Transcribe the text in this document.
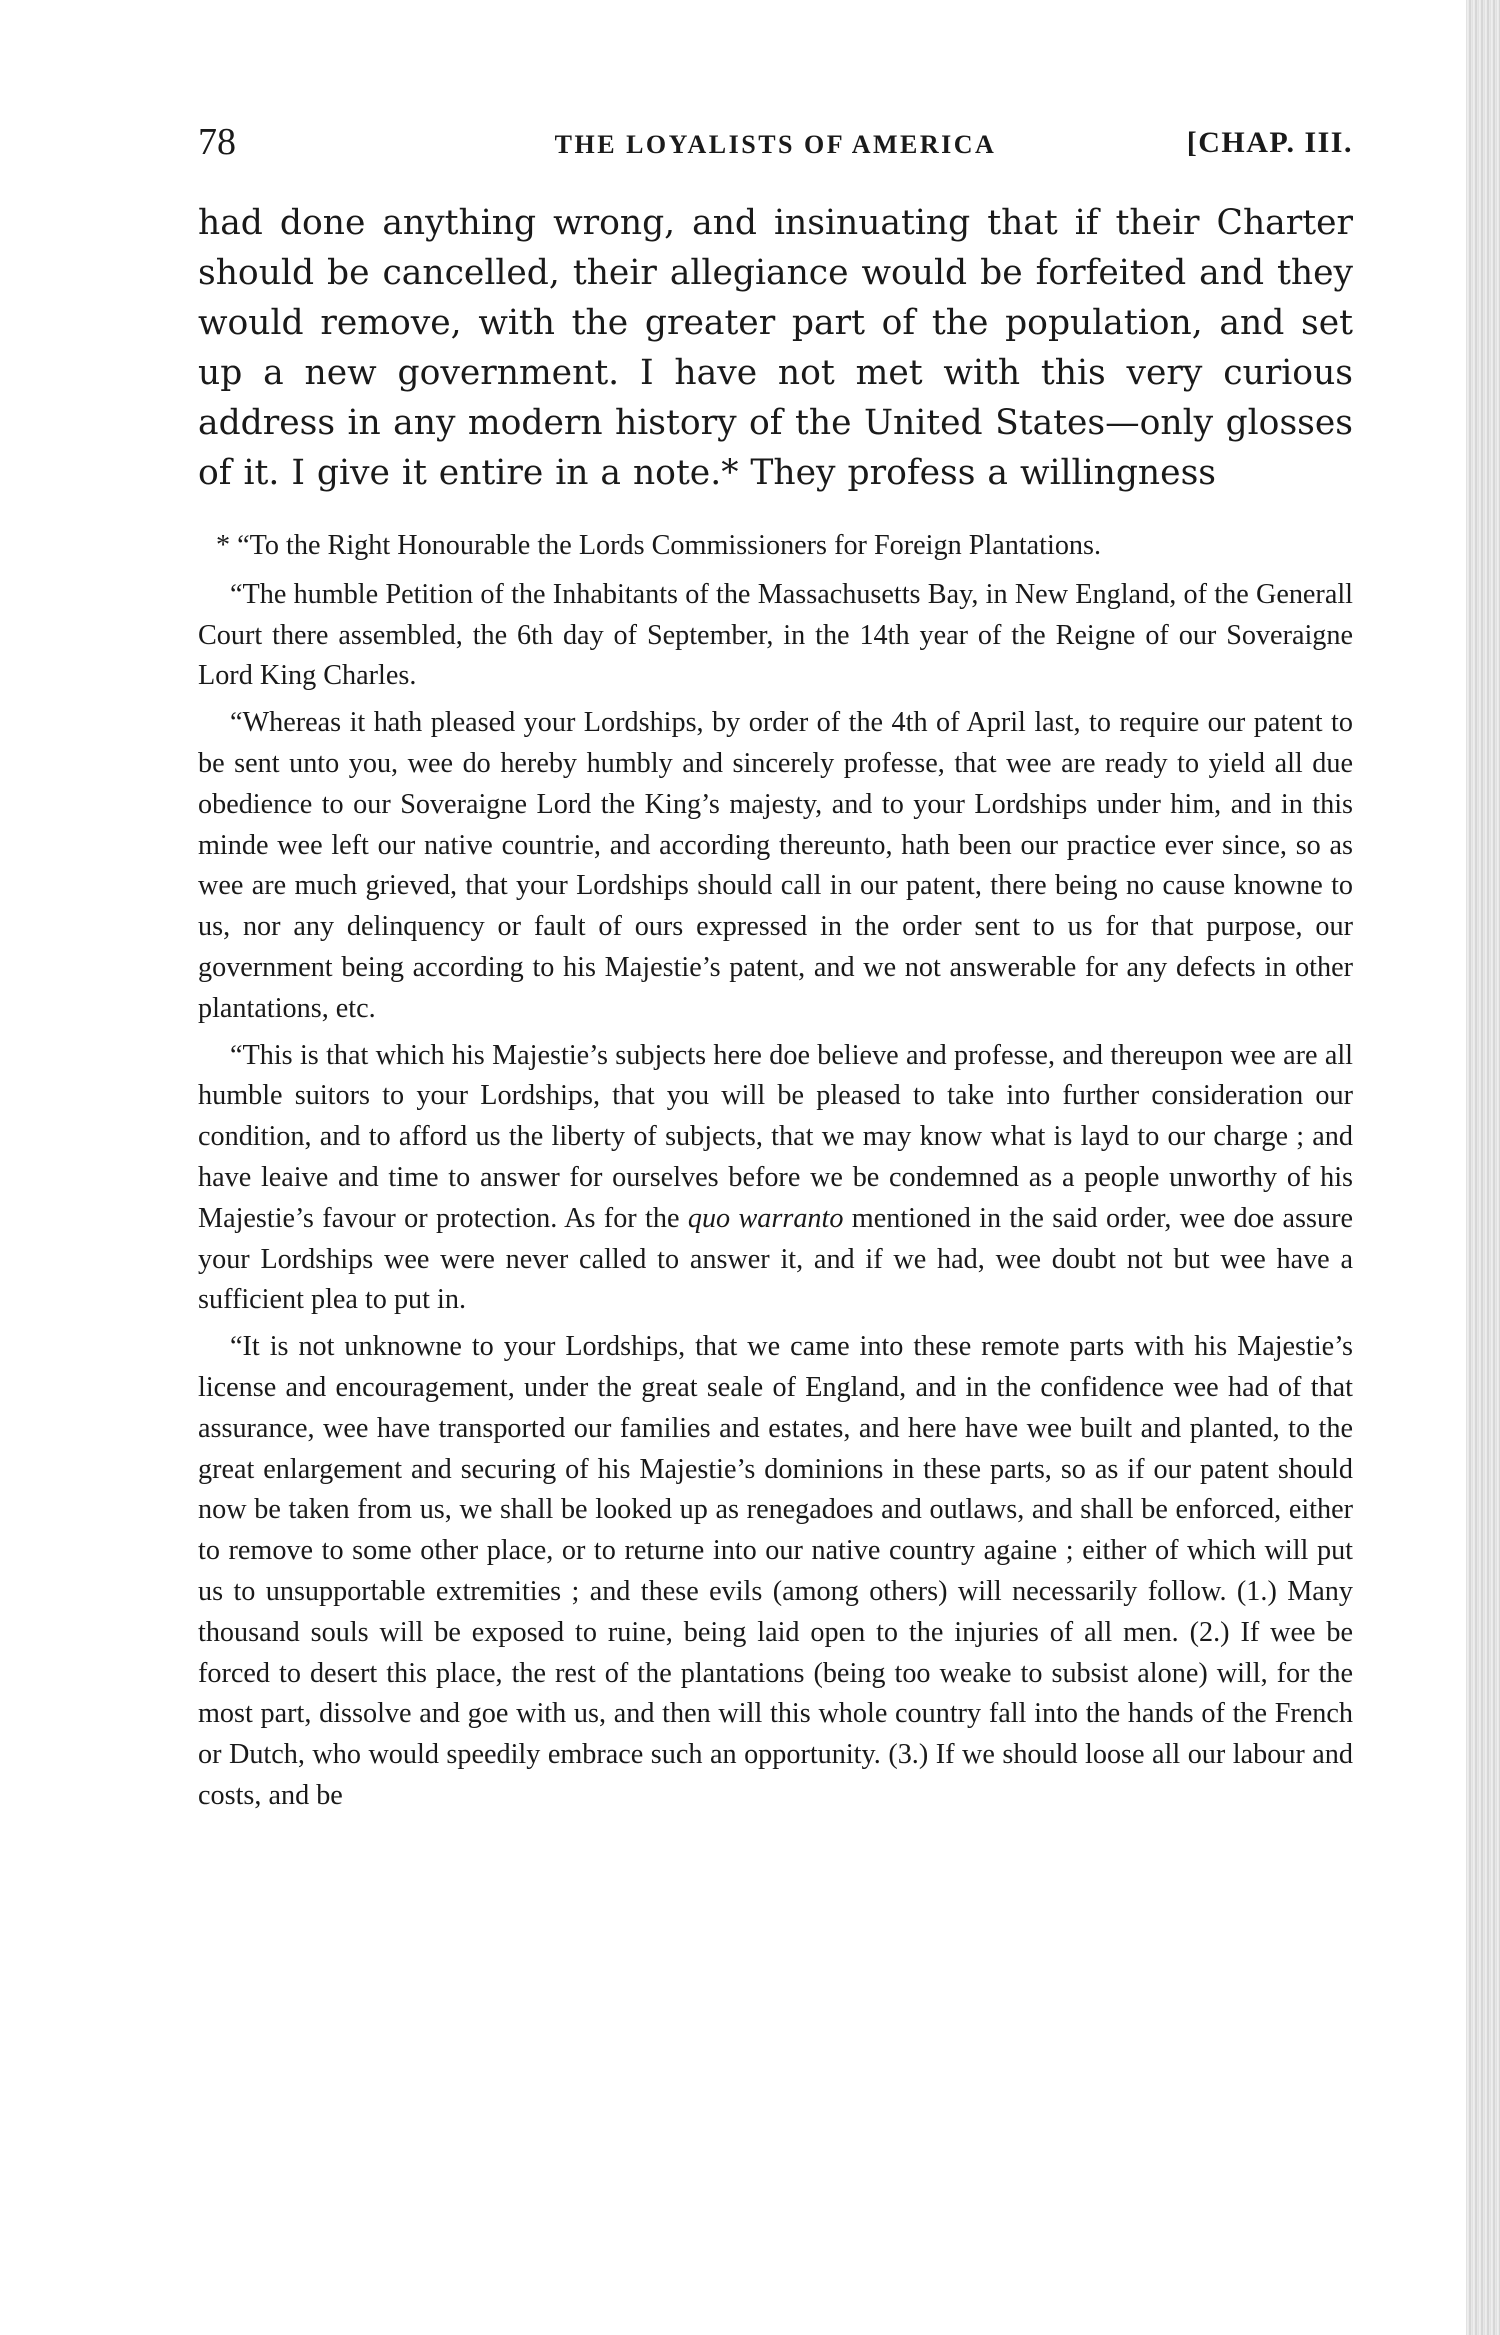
78	THE LOYALISTS OF AMERICA	[CHAP. III.

had done anything wrong, and insinuating that if their Charter should be cancelled, their allegiance would be forfeited and they would remove, with the greater part of the population, and set up a new government. I have not met with this very curious address in any modern history of the United States—only glosses of it. I give it entire in a note.* They profess a willingness

* “To the Right Honourable the Lords Commissioners for Foreign Plantations.

“The humble Petition of the Inhabitants of the Massachusetts Bay, in New England, of the Generall Court there assembled, the 6th day of September, in the 14th year of the Reigne of our Soveraigne Lord King Charles.

“Whereas it hath pleased your Lordships, by order of the 4th of April last, to require our patent to be sent unto you, wee do hereby humbly and sincerely professe, that wee are ready to yield all due obedience to our Soveraigne Lord the King’s majesty, and to your Lordships under him, and in this minde wee left our native countrie, and according thereunto, hath been our practice ever since, so as wee are much grieved, that your Lordships should call in our patent, there being no cause knowne to us, nor any delinquency or fault of ours expressed in the order sent to us for that purpose, our government being according to his Majestie’s patent, and we not answerable for any defects in other plantations, etc.

“This is that which his Majestie’s subjects here doe believe and professe, and thereupon wee are all humble suitors to your Lordships, that you will be pleased to take into further consideration our condition, and to afford us the liberty of subjects, that we may know what is layd to our charge ; and have leaive and time to answer for ourselves before we be condemned as a people unworthy of his Majestie’s favour or protection. As for the quo warranto mentioned in the said order, wee doe assure your Lordships wee were never called to answer it, and if we had, wee doubt not but wee have a sufficient plea to put in.

“It is not unknowne to your Lordships, that we came into these remote parts with his Majestie’s license and encouragement, under the great seale of England, and in the confidence wee had of that assurance, wee have transported our families and estates, and here have wee built and planted, to the great enlargement and securing of his Majestie’s dominions in these parts, so as if our patent should now be taken from us, we shall be looked up as renegadoes and outlaws, and shall be enforced, either to remove to some other place, or to returne into our native country againe ; either of which will put us to unsupportable extremities ; and these evils (among others) will necessarily follow. (1.) Many thousand souls will be exposed to ruine, being laid open to the injuries of all men. (2.) If wee be forced to desert this place, the rest of the plantations (being too weake to subsist alone) will, for the most part, dissolve and goe with us, and then will this whole country fall into the hands of the French or Dutch, who would speedily embrace such an opportunity. (3.) If we should loose all our labour and costs, and be
